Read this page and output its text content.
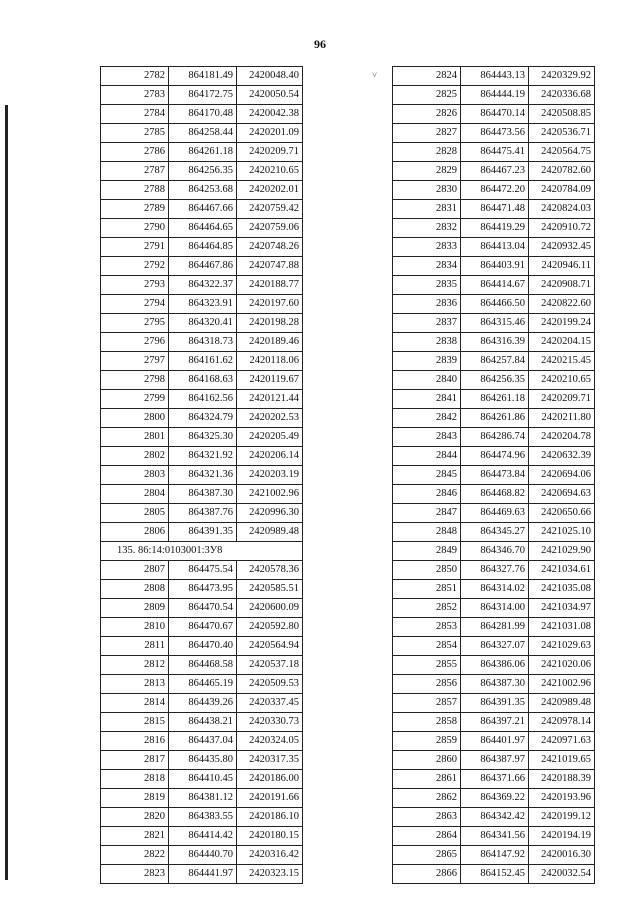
96
˅
2782	864181.49	2420048.40
2783	864172.75	2420050.54
2784	864170.48	2420042.38
2785	864258.44	2420201.09
2786	864261.18	2420209.71
2787	864256.35	2420210.65
2788	864253.68	2420202.01
2789	864467.66	2420759.42
2790	864464.65	2420759.06
2791	864464.85	2420748.26
2792	864467.86	2420747.88
2793	864322.37	2420188.77
2794	864323.91	2420197.60
2795	864320.41	2420198.28
2796	864318.73	2420189.46
2797	864161.62	2420118.06
2798	864168.63	2420119.67
2799	864162.56	2420121.44
2800	864324.79	2420202.53
2801	864325.30	2420205.49
2802	864321.92	2420206.14
2803	864321.36	2420203.19
2804	864387.30	2421002.96
2805	864387.76	2420996.30
2806	864391.35	2420989.48
135. 86:14:0103001:3У8		
2807	864475.54	2420578.36
2808	864473.95	2420585.51
2809	864470.54	2420600.09
2810	864470.67	2420592.80
2811	864470.40	2420564.94
2812	864468.58	2420537.18
2813	864465.19	2420509.53
2814	864439.26	2420337.45
2815	864438.21	2420330.73
2816	864437.04	2420324.05
2817	864435.80	2420317.35
2818	864410.45	2420186.00
2819	864381.12	2420191.66
2820	864383.55	2420186.10
2821	864414.42	2420180.15
2822	864440.70	2420316.42
2823	864441.97	2420323.15
2824	864443.13	2420329.92
2825	864444.19	2420336.68
2826	864470.14	2420508.85
2827	864473.56	2420536.71
2828	864475.41	2420564.75
2829	864467.23	2420782.60
2830	864472.20	2420784.09
2831	864471.48	2420824.03
2832	864419.29	2420910.72
2833	864413.04	2420932.45
2834	864403.91	2420946.11
2835	864414.67	2420908.71
2836	864466.50	2420822.60
2837	864315.46	2420199.24
2838	864316.39	2420204.15
2839	864257.84	2420215.45
2840	864256.35	2420210.65
2841	864261.18	2420209.71
2842	864261.86	2420211.80
2843	864286.74	2420204.78
2844	864474.96	2420632.39
2845	864473.84	2420694.06
2846	864468.82	2420694.63
2847	864469.63	2420650.66
2848	864345.27	2421025.10
2849	864346.70	2421029.90
2850	864327.76	2421034.61
2851	864314.02	2421035.08
2852	864314.00	2421034.97
2853	864281.99	2421031.08
2854	864327.07	2421029.63
2855	864386.06	2421020.06
2856	864387.30	2421002.96
2857	864391.35	2420989.48
2858	864397.21	2420978.14
2859	864401.97	2420971.63
2860	864387.97	2421019.65
2861	864371.66	2420188.39
2862	864369.22	2420193.96
2863	864342.42	2420199.12
2864	864341.56	2420194.19
2865	864147.92	2420016.30
2866	864152.45	2420032.54
